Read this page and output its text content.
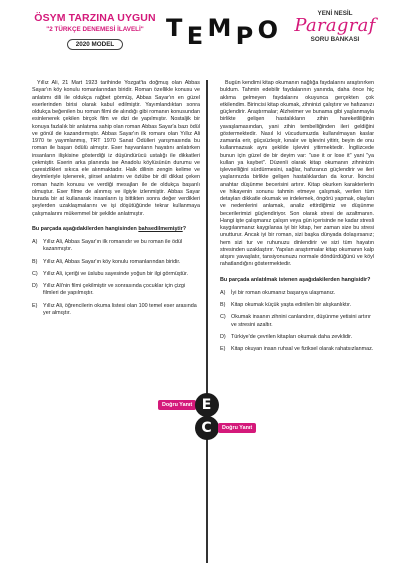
ÖSYM TARZINA UYGUN
"2 TÜRKÇE DENEMESİ İLAVELİ"
2020 MODEL
T E M P O
YENİ NESİL
Paragraf
SORU BANKASI

Yıllız Ali, 21 Mart 1923 tarihinde Yozgat'ta doğmuş olan Abbas Sayar'ın köy konulu romanlarından biridir. Roman özellikle konusu ve anlatımı dili ile oldukça rağbet görmüş, Abbas Sayar'ın en güzel eserlerinden birisi olarak kabul edilmiştir. Yayımlandıktan sonra oldukça beğenilen bu roman filmi de alındığı gibi romanın konusundan esinlenerek çekilen birçok film ve dizi de yapılmıştır. Nostaljik bir konuya fazlalık bir anlatıma sahip olan roman Abbas Sayar'a bazı ödül ve gönül de kazandırmıştır. Abbas Sayar'ın ilk romanı olan Yıllız Ali 1970 te yayımlanmış, TRT 1970 Sanat Ödülleri yarışmasında bu roman ile başarı ödülü almıştır. Eser hayvanların hayatını anlatırken insanların ilişkisine gösterdiği iz düşündürücü ustalığı ile dikkatleri çekmiştir. Eserin arka planında ise Anadolu köylüsünün durumu ve çaresizlikleri sıkıca ele alınmaktadır. Halk dilinin zengin kelime ve deyimleriyle işlenerek, şiirsel anlatımı ve özlübe bir dil dikkat çeken roman hazin konusu ve verdiği mesajları ile de oldukça başarılı olmuştur. Eser filme de alınmış ve ilgiyle izlenmiştir. Abbas Sayar burada bir at kullanarak insanların iş bittikten sonra değer verdikleri şeylerden uzaklaşmalarını ve işi döşütüğünde tekrar kullanmaya çalışmalarını mükemmel bir şekilde anlatmıştır.

Bu parçada aşağıdakilerden hangisinden bahsedilmemiştir?

A)	Yıllız Ali, Abbas Sayar'ın ilk romanıdır ve bu roman ile ödül kazanmıştır.
B)	Yıllız Ali, Abbas Sayar'ın köy konulu romanlarından biridir.
C) Yıllız Ali, içeriği ve üslubu sayesinde yoğun bir ilgi görmüştür.
D) Yıllız Ali'nin filmi çekilmiştir ve sonrasında çocuklar için çizgi filmleri de yapılmıştır.
E)	Yıllız Ali, öğrencilerin okuma listesi olan 100 temel eser arasında yer almıştır.
Doğru Yanıt E
C	Doğru Yanıt

Bugün kendimi kitap okumanın nağlığa faydalarını araştırırken buldum. Tahmin edebilir faydalarının yanında, daha önce hiç aklıma gelmeyen faydalarını okuyunca gerçekten çok etkilendim. Birincisi kitap okumak, zihninizi çalıştırır ve hafızanızı güçlendirir. Araştırmalar; Alzheimer ve bunama gibi yaşlanmayla birlikte gelişen hastalıkların zihin hareketliliğinin yavaşlamasından, yani zihin tembelliğinden ileri geldiğini göstermektedir. Nasıl ki vücudumuzda kullanılmayan kaslar zamanla erir, güçsüzleşir, kınalır ve işlevini yitirir, beyin de onu kullanmazsak aynı şekilde işlevini yitirmektedir. İngilizcede bunun için güzel de bir deyim var: "use it or lose it" yani "ya kullan ya kaybet". Düzenli olarak kitap okumanın zihninizin işlevselliğini sürdürmesini, sağlar, hafızanızı güçlendirir ve ileri yaşlarınızda birlikte gelişen hastalıklardan da korur. İkincisi anahtar düşünme becerisini artırır. Kitap okurken karakterlerin ve hikayenin sonunu tahmin etmeye çalışmak, verilen tüm detayları dikkatle okumak ve irdelemek, öngörü yapmak, olayları ve nedenlerini anlamak, analiz ettirdiğimiz ve düşünme becerilerimizi güçlendiriyor. Son olarak stresi de azaltmanın. Hangi işte çalışmanız çalışın veya gün içerisinde ne kadar stresli kaygılanmanız kaygılansa iyi bir kitap, her zaman size bu stresi unutturur. Ancak iyi bir roman, sizi başka dünyada dolaşırsanız; hem sizi tur ve ruhunuzu dinlendirir ve sizi tüm hayatın stresinden uzaklaştırır. Yapılan araştırmalar kitap okumanın kalp atışını yavaşlatır, tansiyonunuzu normale döndürdüğünü ve köyl rahatlandığını göstermektedir.

Bu parçada anlatılmak istenen aşağıdakilerden hangisidir?

A)	İyi bir roman okumanız başarıya ulaşmanız.
B)	Kitap okumak küçük yaşta edinilen bir alışkanlıktır.
C) Okumak insanın zihnini canlandırır, düşünme yetisini artırır ve stresini azaltır.
D) Türkiye'de çevrilen kitapları okumak daha zevklidir.
E)	Kitap okuyan insan ruhsal ve fiziksel olarak rahatsızlanmaz.
